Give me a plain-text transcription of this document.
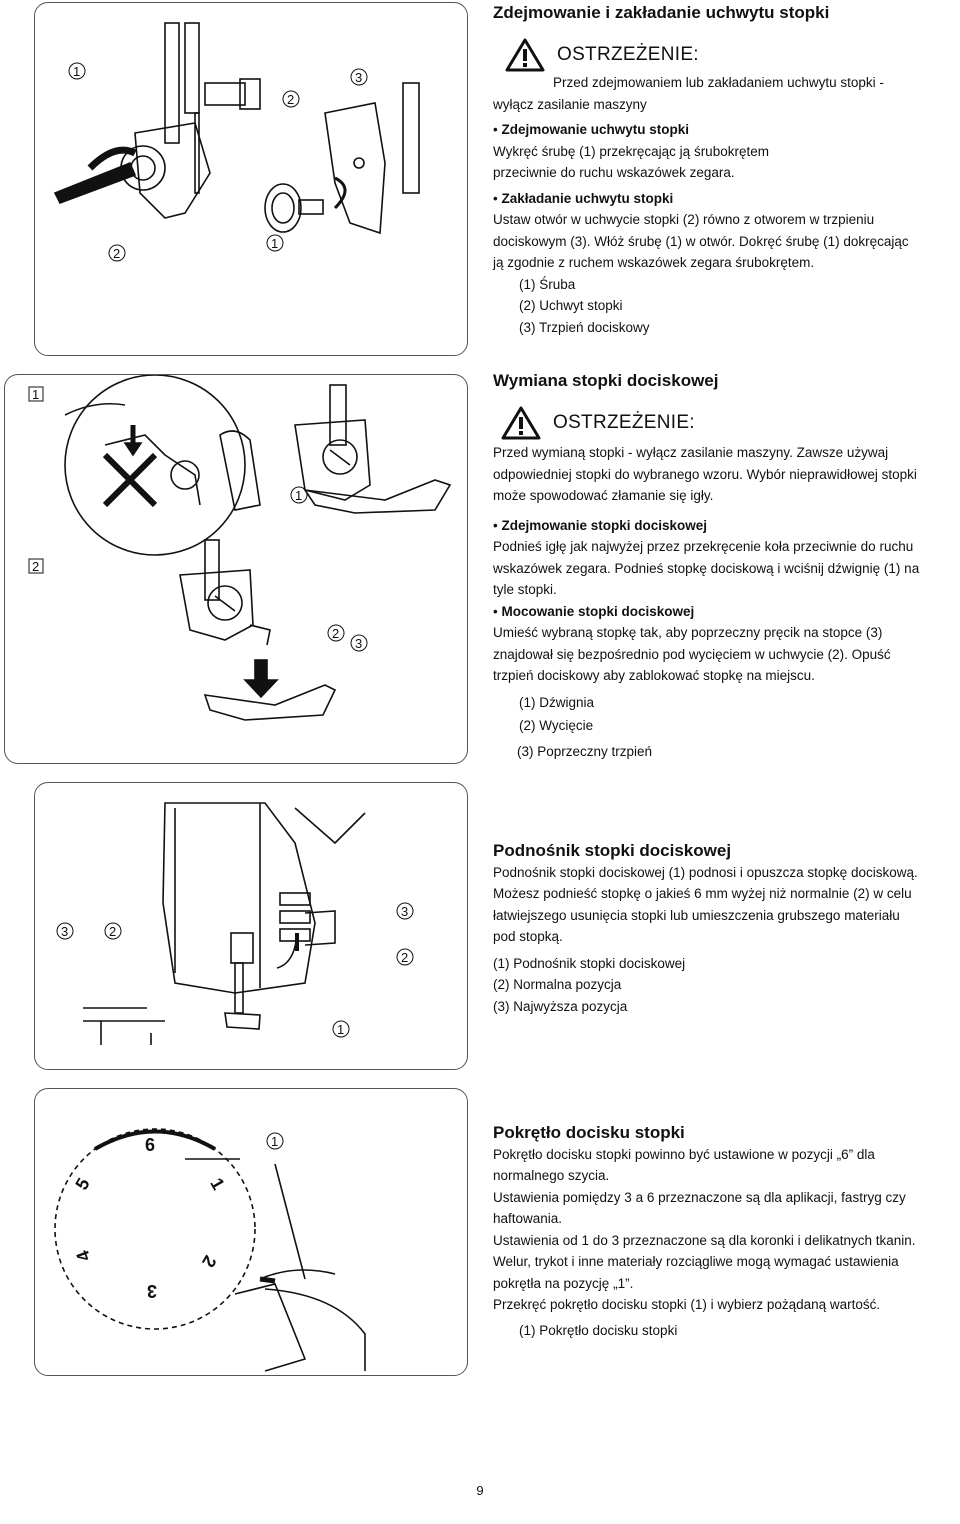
1
2
3
2
1
Zdejmowanie i zakładanie uchwytu stopki
OSTRZEŻENIE:

Przed zdejmowaniem lub zakładaniem uchwytu stopki -

wyłącz zasilanie maszyny

• Zdejmowanie uchwytu stopki

Wykręć śrubę (1) przekręcając ją śrubokrętem

przeciwnie do ruchu wskazówek zegara.

• Zakładanie uchwytu stopki

Ustaw otwór w uchwycie stopki (2) równo z otworem w trzpieniu

dociskowym (3). Włóż śrubę (1) w otwór. Dokręć śrubę (1) dokręcając

ją zgodnie z ruchem wskazówek zegara śrubokrętem.

(1) Śruba

(2) Uchwyt stopki

(3) Trzpień dociskowy

1
2
1
2
3
Wymiana stopki dociskowej
OSTRZEŻENIE:

Przed wymianą stopki - wyłącz zasilanie maszyny. Zawsze używaj

odpowiedniej stopki do wybranego wzoru. Wybór nieprawidłowej stopki

może spowodować złamanie się igły.

• Zdejmowanie stopki dociskowej

Podnieś igłę jak najwyżej przez przekręcenie koła przeciwnie do ruchu

wskazówek zegara. Podnieś stopkę dociskową i wciśnij dźwignię (1) na

tyle stopki.

• Mocowanie stopki dociskowej

Umieść wybraną stopkę tak, aby poprzeczny pręcik na stopce (3)

znajdował się bezpośrednio pod wycięciem w uchwycie (2). Opuść

trzpień dociskowy aby zablokować stopkę na miejscu.

(1) Dźwignia

(2) Wycięcie

(3) Poprzeczny trzpień

3	2
3
2
1
Podnośnik stopki dociskowej

Podnośnik stopki dociskowej (1) podnosi i opuszcza stopkę dociskową.

Możesz podnieść stopkę o jakieś 6 mm wyżej niż normalnie (2) w celu

łatwiejszego usunięcia stopki lub umieszczenia grubszego materiału

pod stopką.

(1) Podnośnik stopki dociskowej

(2) Normalna pozycja

(3) Najwyższa pozycja

6
5
4
3
2
1
1	Pokrętło docisku stopki

Pokrętło docisku stopki powinno być ustawione w pozycji „6” dla

normalnego szycia.

Ustawienia pomiędzy 3 a 6 przeznaczone są dla aplikacji, fastryg czy

haftowania.

Ustawienia od 1 do 3 przeznaczone są dla koronki i delikatnych tkanin.

Welur, trykot i inne materiały rozciągliwe mogą wymagać ustawienia

pokrętła na pozycję „1”.

Przekręć pokrętło docisku stopki (1) i wybierz pożądaną wartość.

(1) Pokrętło docisku stopki

9
